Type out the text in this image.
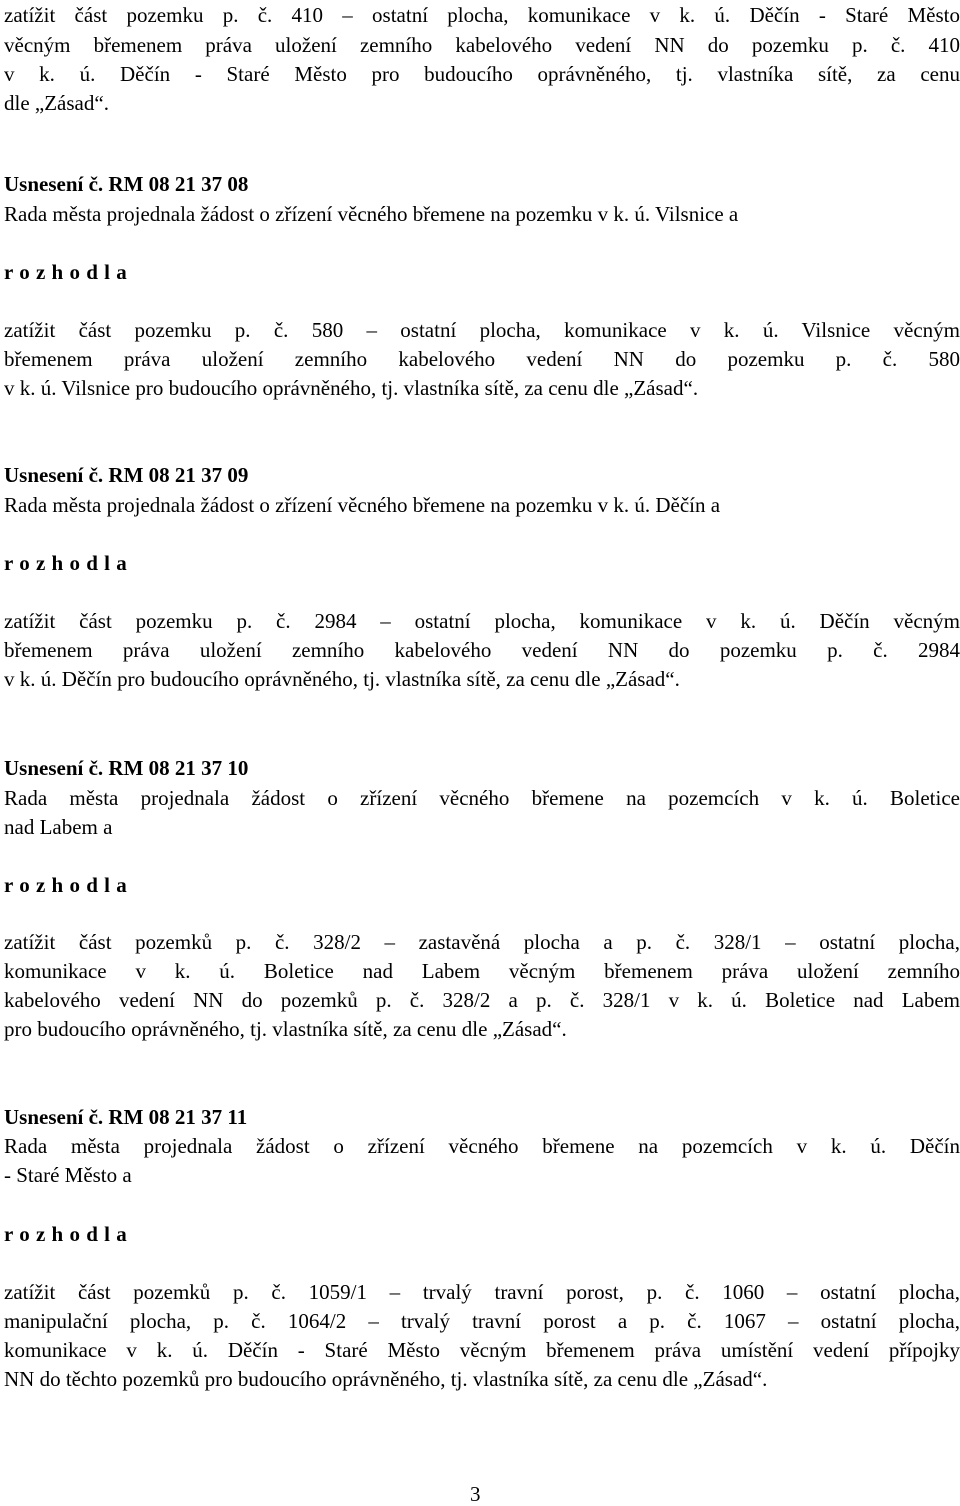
zatížit část pozemku p. č. 410 – ostatní plocha, komunikace v k. ú. Děčín - Staré Město
věcným břemenem práva uložení zemního kabelového vedení NN do pozemku p. č. 410
v k. ú. Děčín - Staré Město pro budoucího oprávněného, tj. vlastníka sítě, za cenu
dle „Zásad“.
Usnesení č. RM 08 21 37 08
Rada města projednala žádost o zřízení věcného břemene na pozemku v k. ú. Vilsnice a
r o z h o d l a
zatížit část pozemku p. č. 580 – ostatní plocha, komunikace v k. ú. Vilsnice věcným
břemenem práva uložení zemního kabelového vedení NN do pozemku p. č. 580
v k. ú. Vilsnice pro budoucího oprávněného, tj. vlastníka sítě, za cenu dle „Zásad“.
Usnesení č. RM 08 21 37 09
Rada města projednala žádost o zřízení věcného břemene na pozemku v k. ú. Děčín a
r o z h o d l a
zatížit část pozemku p. č. 2984 – ostatní plocha, komunikace v k. ú. Děčín věcným
břemenem práva uložení zemního kabelového vedení NN do pozemku p. č. 2984
v k. ú. Děčín pro budoucího oprávněného, tj. vlastníka sítě, za cenu dle „Zásad“.
Usnesení č. RM 08 21 37 10
Rada města projednala žádost o zřízení věcného břemene na pozemcích v k. ú. Boletice
nad Labem a
r o z h o d l a
zatížit část pozemků p. č. 328/2 – zastavěná plocha a p. č. 328/1 – ostatní plocha,
komunikace v k. ú. Boletice nad Labem věcným břemenem práva uložení zemního
kabelového vedení NN do pozemků p. č. 328/2 a p. č. 328/1 v k. ú. Boletice nad Labem
pro budoucího oprávněného, tj. vlastníka sítě, za cenu dle „Zásad“.
Usnesení č. RM 08 21 37 11
Rada města projednala žádost o zřízení věcného břemene na pozemcích v k. ú. Děčín
- Staré Město a
r o z h o d l a
zatížit část pozemků p. č. 1059/1 – trvalý travní porost, p. č. 1060 – ostatní plocha,
manipulační plocha, p. č. 1064/2 – trvalý travní porost a p. č. 1067 – ostatní plocha,
komunikace v k. ú. Děčín - Staré Město věcným břemenem práva umístění vedení přípojky
NN do těchto pozemků pro budoucího oprávněného, tj. vlastníka sítě, za cenu dle „Zásad“.
3
